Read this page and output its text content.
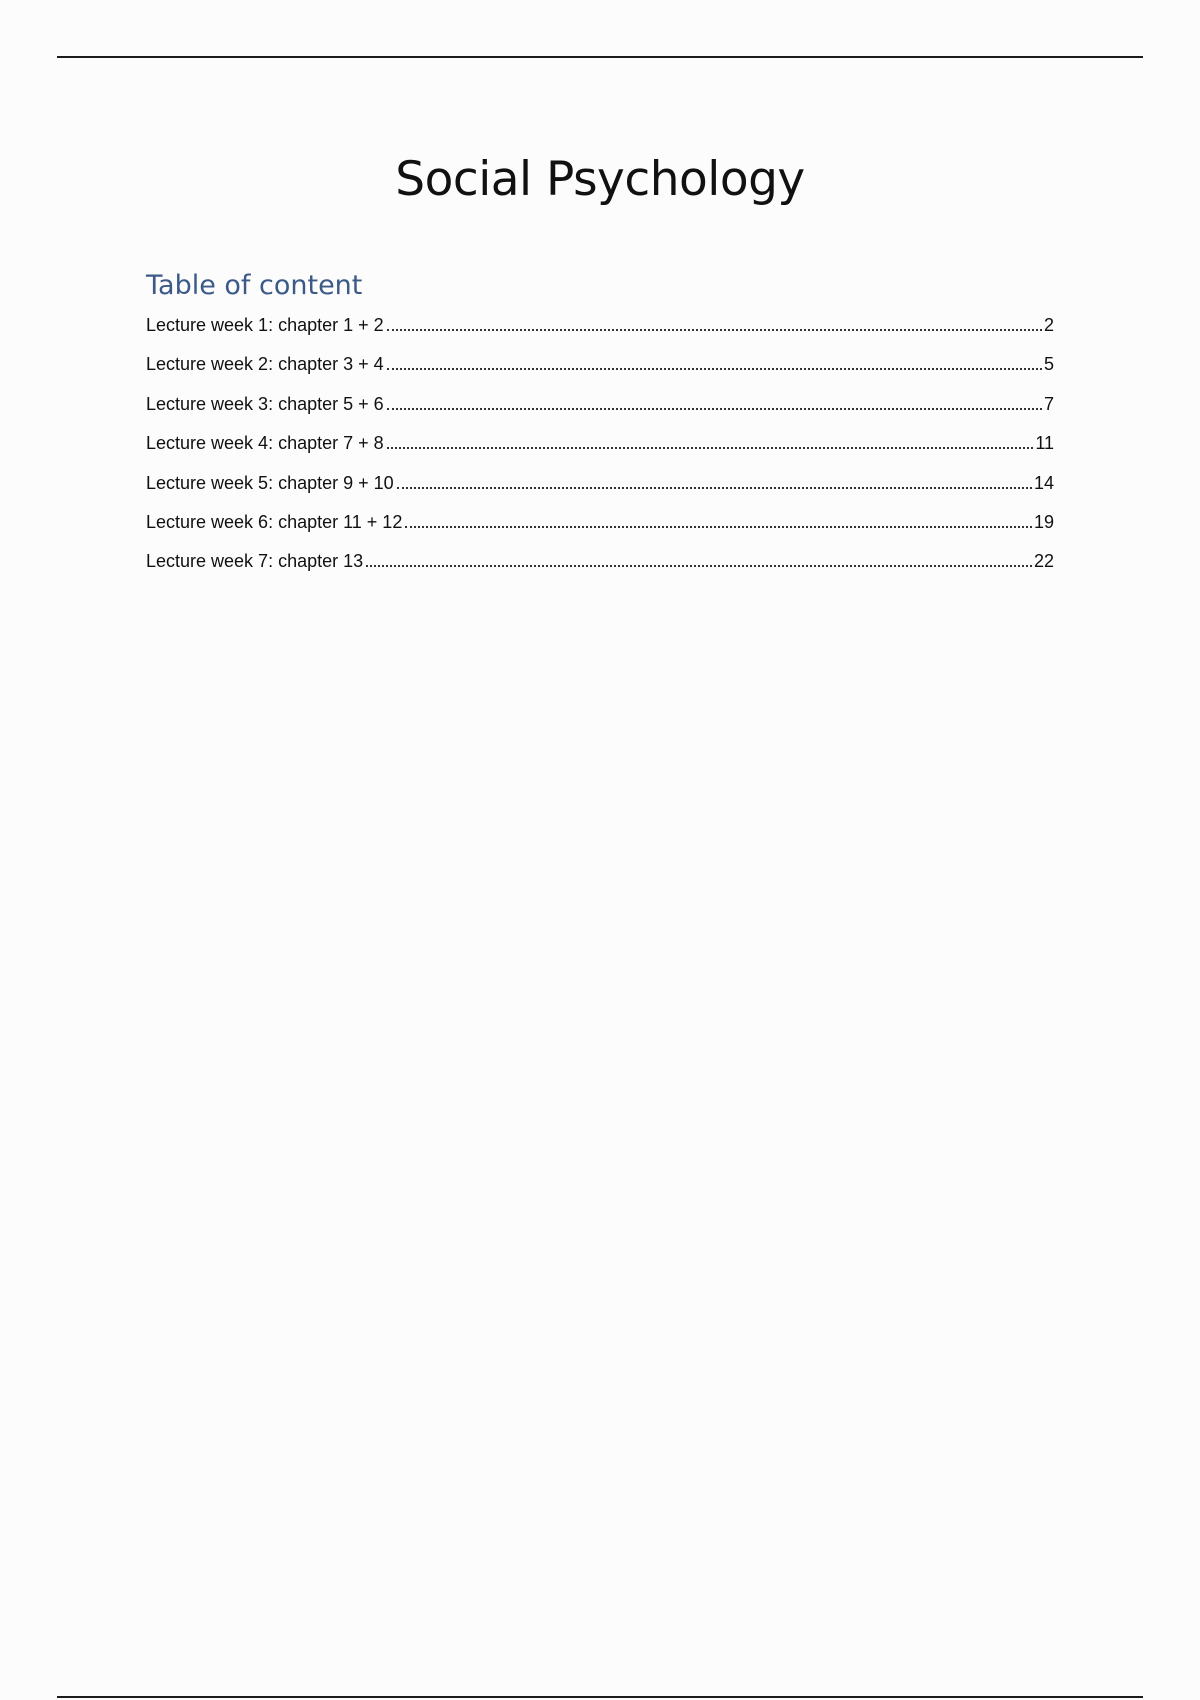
Social Psychology
Table of content
Lecture week 1: chapter 1 + 2	2
Lecture week 2: chapter 3 + 4	5
Lecture week 3: chapter 5 + 6	7
Lecture week 4: chapter 7 + 8	11
Lecture week 5: chapter 9 + 10	14
Lecture week 6: chapter 11 + 12	19
Lecture week 7: chapter 13	22
